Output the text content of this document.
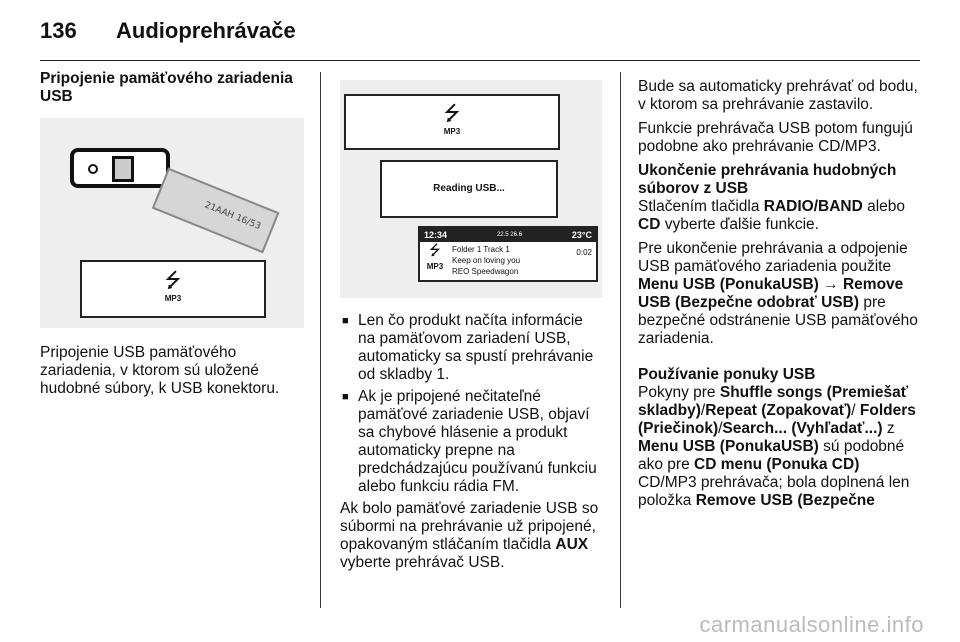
136	Audioprehrávače
Pripojenie pamäťového zariadenia USB
21AAH 16/53
⭍
MP3

Pripojenie USB pamäťového zariadenia, v ktorom sú uložené hudobné súbory, k USB konektoru.

⭍
MP3
Reading USB...
12:34	22.5 26.6	23°C
⭍
MP3
Folder 1 Track 1
Keep on loving you
REO Speedwagon
0:02
■ Len čo produkt načíta informácie na pamäťovom zariadení USB, automaticky sa spustí prehrávanie od skladby 1.
■ Ak je pripojené nečitateľné pamäťové zariadenie USB, objaví sa chybové hlásenie a produkt automaticky prepne na predchádzajúcu používanú funkciu alebo funkciu rádia FM.

Ak bolo pamäťové zariadenie USB so súbormi na prehrávanie už pripojené, opakovaným stláčaním tlačidla AUX vyberte prehrávač USB.

Bude sa automaticky prehrávať od bodu, v ktorom sa prehrávanie zastavilo.

Funkcie prehrávača USB potom fungujú podobne ako prehrávanie CD/MP3.

Ukončenie prehrávania hudobných súborov z USB

Stlačením tlačidla RADIO/BAND alebo CD vyberte ďalšie funkcie.

Pre ukončenie prehrávania a odpojenie USB pamäťového zariadenia použite Menu USB (PonukaUSB) → Remove USB (Bezpečne odobrať USB) pre bezpečné odstránenie USB pamäťového zariadenia.

Používanie ponuky USB

Pokyny pre Shuffle songs (Premiešať skladby)/Repeat (Zopakovať)/ Folders (Priečinok)/Search... (Vyhľadať...) z Menu USB (PonukaUSB) sú podobné ako pre CD menu (Ponuka CD) CD/MP3 prehrávača; bola doplnená len položka Remove USB (Bezpečne

carmanualsonline.info
